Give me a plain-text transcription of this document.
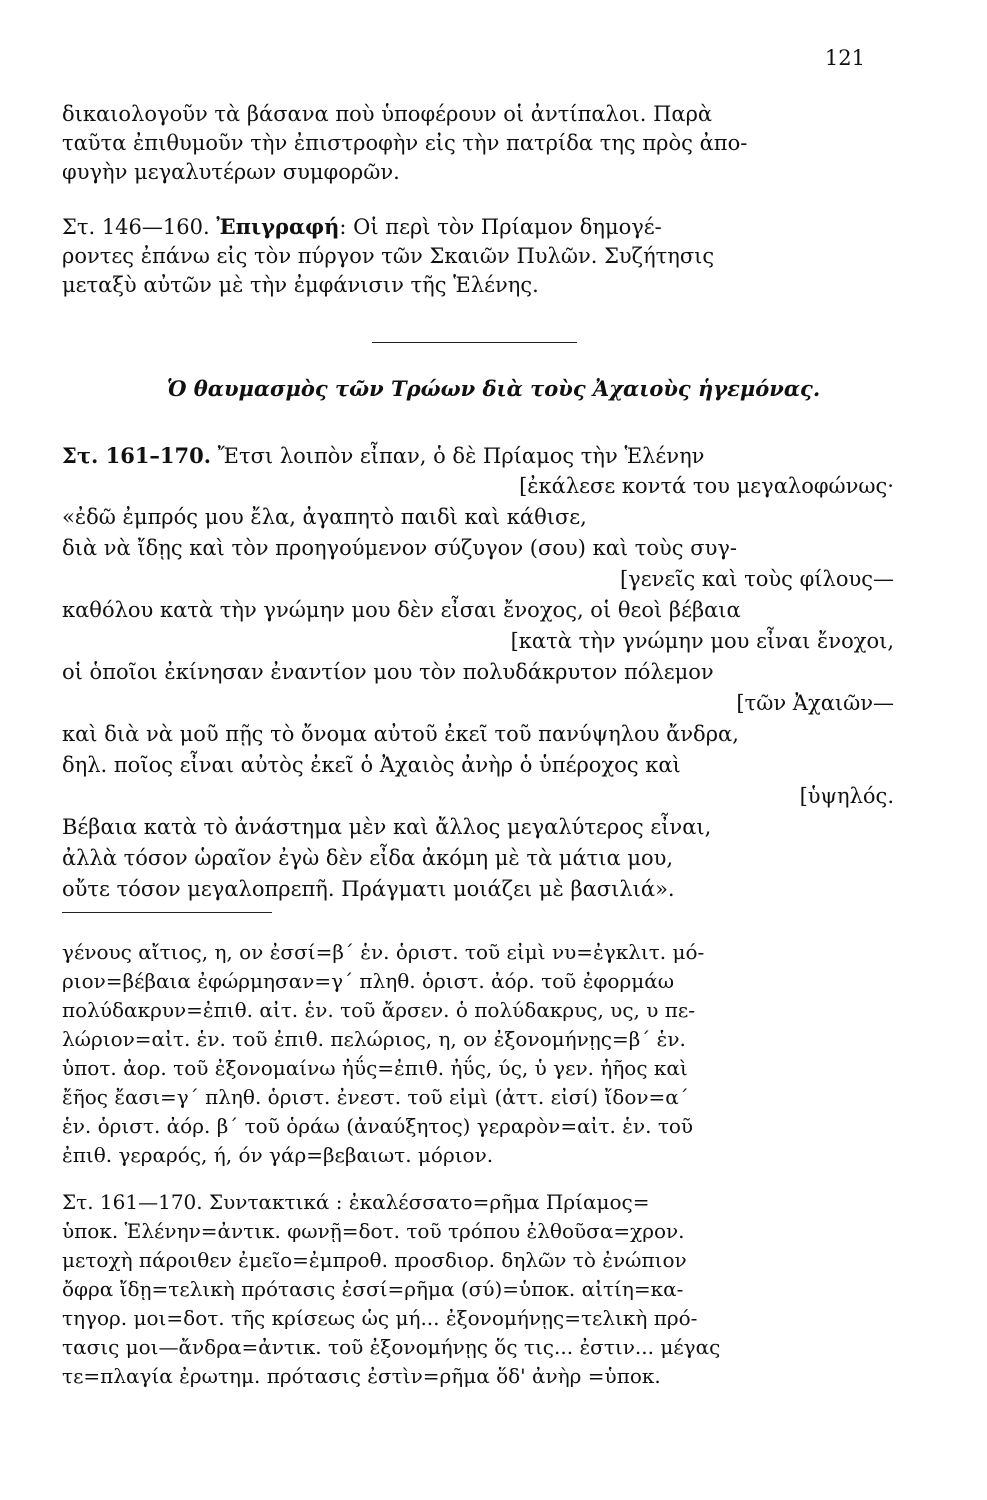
121
δικαιολογοῦν τὰ βάσανα ποὺ ὑποφέρουν οἱ ἀντίπαλοι. Παρὰ
ταῦτα ἐπιθυμοῦν τὴν ἐπιστροφὴν εἰς τὴν πατρίδα της πρὸς ἀπο-
φυγὴν μεγαλυτέρων συμφορῶν.
Στ. 146—160. Ἐπιγραφή: Οἱ περὶ τὸν Πρίαμον δημογέ-
ροντες ἐπάνω εἰς τὸν πύργον τῶν Σκαιῶν Πυλῶν. Συζήτησις
μεταξὺ αὐτῶν μὲ τὴν ἐμφάνισιν τῆς Ἑλένης.
Ὁ θαυμασμὸς τῶν Τρώων διὰ τοὺς Ἀχαιοὺς ἡγεμόνας.
Στ. 161–170. Ἔτσι λοιπὸν εἶπαν, ὁ δὲ Πρίαμος τὴν Ἑλένην
[ἐκάλεσε κοντά του μεγαλοφώνως·
«ἐδῶ ἐμπρός μου ἔλα, ἀγαπητὸ παιδὶ καὶ κάθισε,
διὰ νὰ ἴδῃς καὶ τὸν προηγούμενον σύζυγον (σου) καὶ τοὺς συγ-
[γενεῖς καὶ τοὺς φίλους—
καθόλου κατὰ τὴν γνώμην μου δὲν εἶσαι ἔνοχος, οἱ θεοὶ βέβαια
[κατὰ τὴν γνώμην μου εἶναι ἔνοχοι,
οἱ ὁποῖοι ἐκίνησαν ἐναντίον μου τὸν πολυδάκρυτον πόλεμον
[τῶν Ἀχαιῶν—
καὶ διὰ νὰ μοῦ πῇς τὸ ὄνομα αὐτοῦ ἐκεῖ τοῦ πανύψηλου ἄνδρα,
δηλ. ποῖος εἶναι αὐτὸς ἐκεῖ ὁ Ἀχαιὸς ἀνὴρ ὁ ὑπέροχος καὶ
[ὑψηλός.
Βέβαια κατὰ τὸ ἀνάστημα μὲν καὶ ἄλλος μεγαλύτερος εἶναι,
ἀλλὰ τόσον ὡραῖον ἐγὼ δὲν εἶδα ἀκόμη μὲ τὰ μάτια μου,
οὔτε τόσον μεγαλοπρεπῆ. Πράγματι μοιάζει μὲ βασιλιά».
γένους αἴτιος, η, ον ἐσσί=β΄ ἑν. ὁριστ. τοῦ εἰμὶ νυ=ἐγκλιτ. μό-
ριον=βέβαια ἐφώρμησαν=γ΄ πληθ. ὁριστ. ἀόρ. τοῦ ἐφορμάω
πολύδακρυν=ἐπιθ. αἰτ. ἑν. τοῦ ἄρσεν. ὁ πολύδακρυς, υς, υ πε-
λώριον=αἰτ. ἑν. τοῦ ἐπιθ. πελώριος, η, ον ἐξονομήνῃς=β΄ ἑν.
ὑποτ. ἀορ. τοῦ ἐξονομαίνω ἠΰς=ἐπιθ. ἠΰς, ύς, ὑ γεν. ἠῆος καὶ
ἔῆος ἔασι=γ΄ πληθ. ὁριστ. ἐνεστ. τοῦ εἰμὶ (ἀττ. εἰσί) ἴδον=α΄
ἑν. ὁριστ. ἀόρ. β΄ τοῦ ὁράω (ἀναύξητος) γεραρὸν=αἰτ. ἑν. τοῦ
ἐπιθ. γεραρός, ή, όν γάρ=βεβαιωτ. μόριον.
Στ. 161—170. Συντακτικά : ἐκαλέσσατο=ρῆμα Πρίαμος=
ὑποκ. Ἑλένην=ἀντικ. φωνῇ=δοτ. τοῦ τρόπου ἐλθοῦσα=χρον.
μετοχὴ πάροιθεν ἐμεῖο=ἐμπροθ. προσδιορ. δηλῶν τὸ ἐνώπιον
ὄφρα ἴδῃ=τελικὴ πρότασις ἐσσί=ρῆμα (σύ)=ὑποκ. αἰτίη=κα-
τηγορ. μοι=δοτ. τῆς κρίσεως ὡς μή... ἐξονομήνῃς=τελικὴ πρό-
τασις μοι—ἄνδρα=ἀντικ. τοῦ ἐξονομήνῃς ὅς τις... ἐστιν... μέγας
τε=πλαγία ἐρωτημ. πρότασις ἐστὶν=ρῆμα ὅδ' ἀνὴρ =ὑποκ.
